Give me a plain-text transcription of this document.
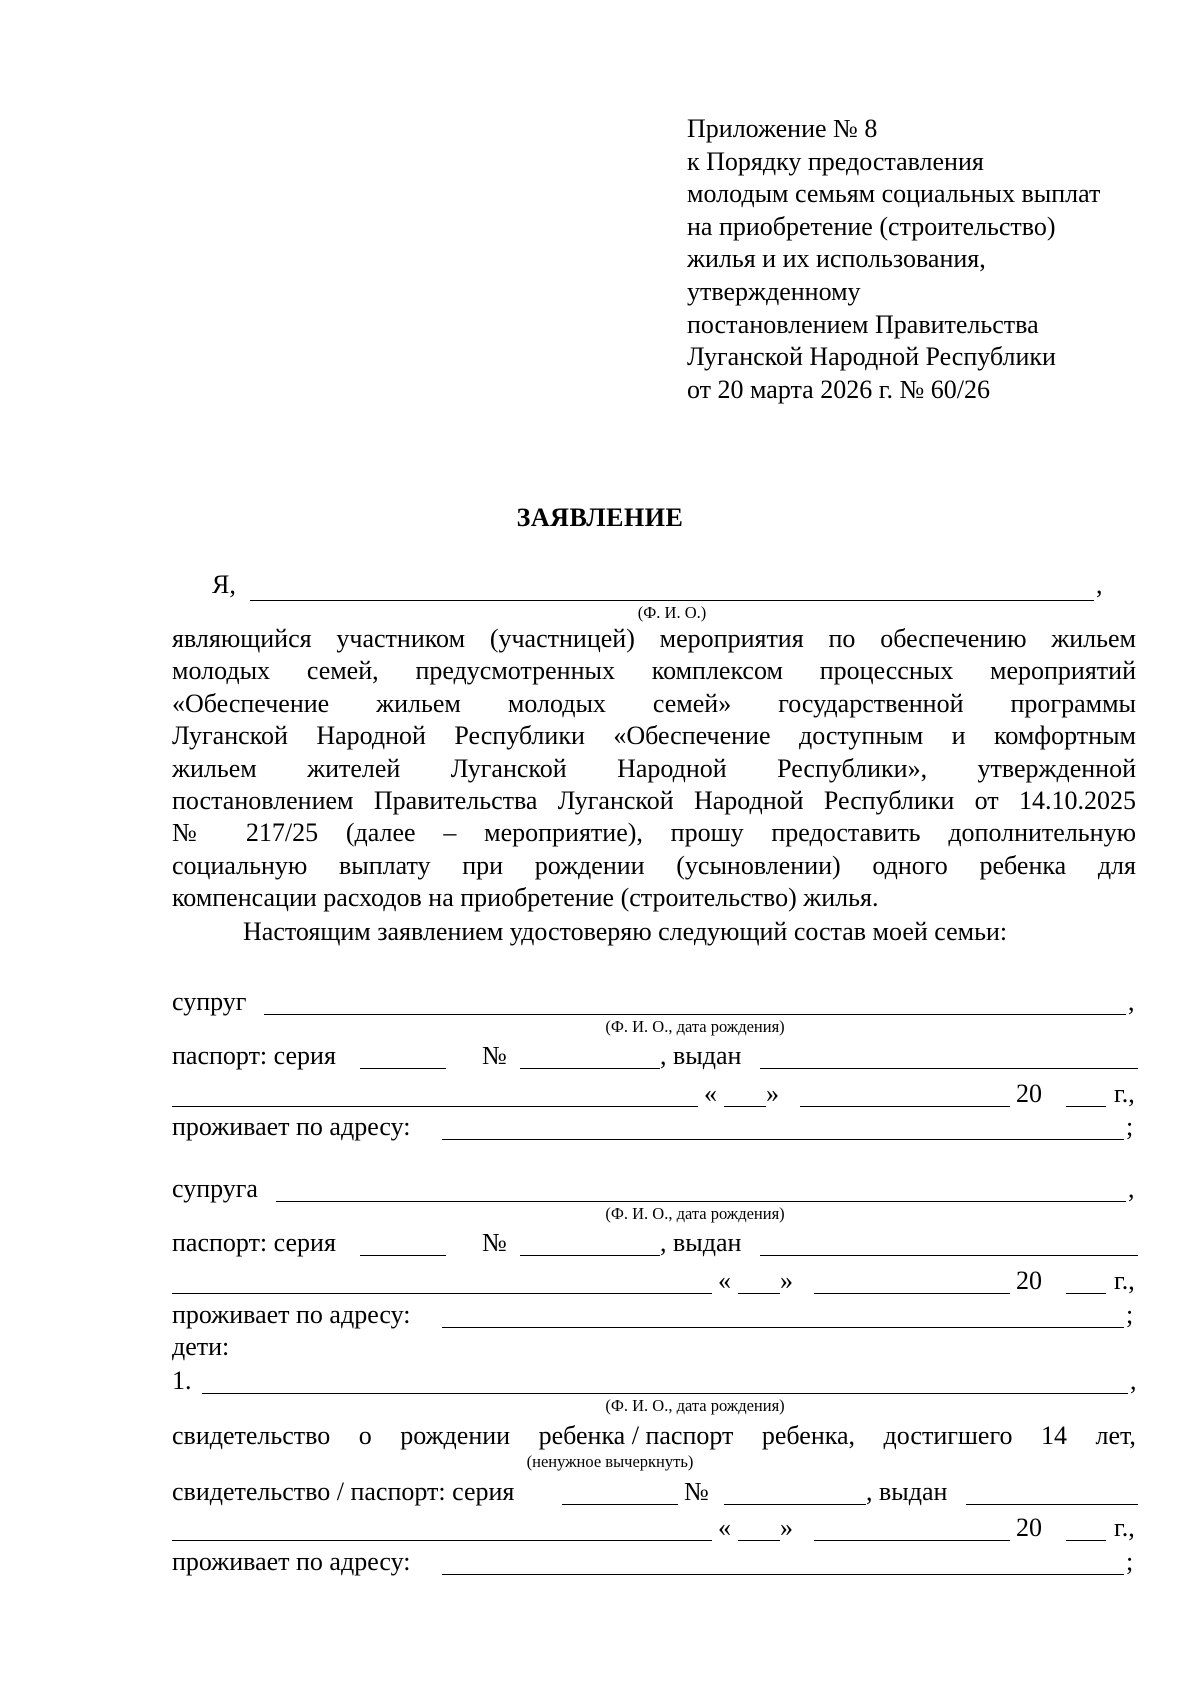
Приложение № 8
к Порядку предоставления
молодым семьям социальных выплат
на приобретение (строительство)
жилья и их использования,
утвержденному
постановлением Правительства
Луганской Народной Республики
от 20 марта 2026 г. № 60/26
ЗАЯВЛЕНИЕ
Я,	,
(Ф. И. О.)
являющийся участником (участницей) мероприятия по обеспечению жильем
молодых семей, предусмотренных комплексом процессных мероприятий
«Обеспечение жильем молодых семей» государственной программы
Луганской Народной Республики «Обеспечение доступным и комфортным
жильем жителей Луганской Народной Республики», утвержденной
постановлением Правительства Луганской Народной Республики от 14.10.2025
№ 217/25 (далее – мероприятие), прошу предоставить дополнительную
социальную выплату при рождении (усыновлении) одного ребенка для
компенсации расходов на приобретение (строительство) жилья.
Настоящим заявлением удостоверяю следующий состав моей семьи:
супруг	,
(Ф. И. О., дата рождения)
паспорт: серия	№	, выдан
« »	20	г.,
проживает по адресу:	;
супруга	,
(Ф. И. О., дата рождения)
паспорт: серия	№	, выдан
« »	20	г.,
проживает по адресу:	;
дети:
1.	,
(Ф. И. О., дата рождения)
свидетельство о рождении ребенка / паспорт ребенка, достигшего 14 лет,
(ненужное вычеркнуть)
свидетельство / паспорт: серия	№	, выдан
« »	20	г.,
проживает по адресу:	;
